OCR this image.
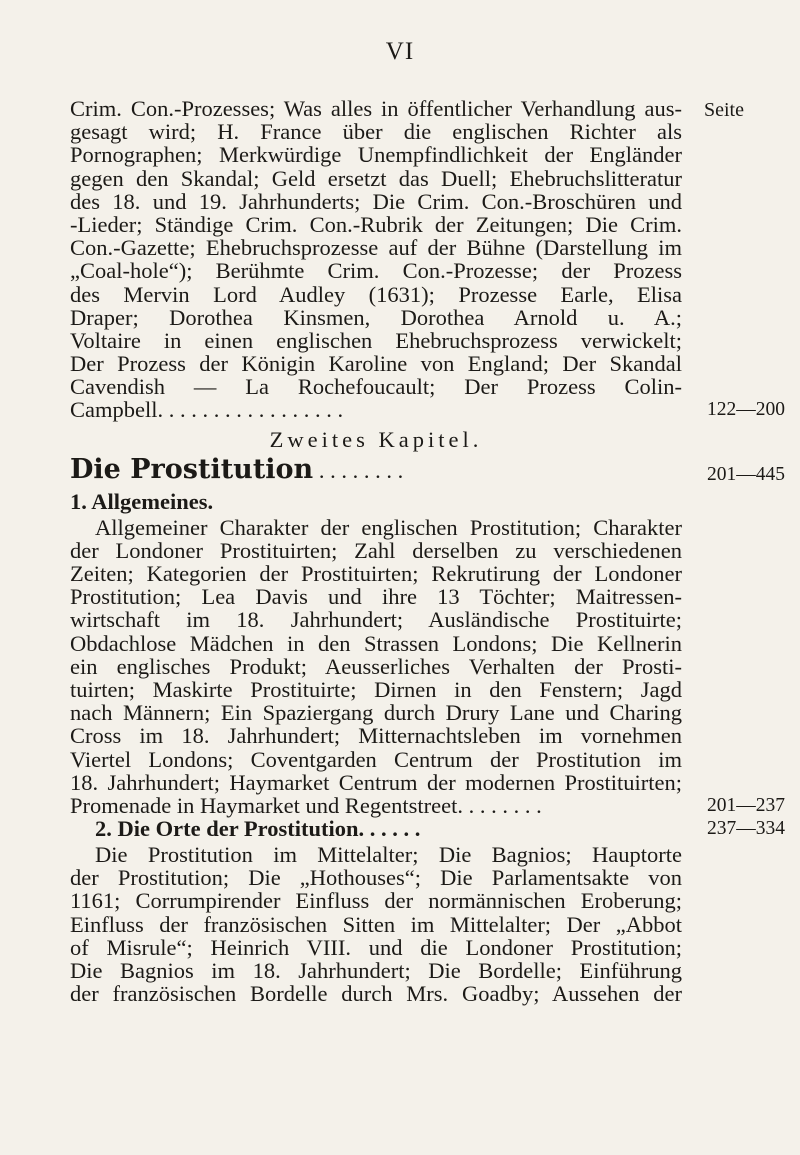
VI
Seite
Crim. Con.-Prozesses; Was alles in öffentlicher Verhandlung aus-
gesagt wird; H. France über die englischen Richter als
Pornographen; Merkwürdige Unempfindlichkeit der Engländer
gegen den Skandal; Geld ersetzt das Duell; Ehebruchslitteratur
des 18. und 19. Jahrhunderts; Die Crim. Con.-Broschüren und
-Lieder; Ständige Crim. Con.-Rubrik der Zeitungen; Die Crim.
Con.-Gazette; Ehebruchsprozesse auf der Bühne (Darstellung im
„Coal-hole“); Berühmte Crim. Con.-Prozesse; der Prozess
des Mervin Lord Audley (1631); Prozesse Earle, Elisa
Draper; Dorothea Kinsmen, Dorothea Arnold u. A.;
Voltaire in einen englischen Ehebruchsprozess verwickelt;
Der Prozess der Königin Karoline von England; Der Skandal
Cavendish — La Rochefoucault; Der Prozess Colin-
Campbell. . . . . . . . . . . . . . . . .	122—200
Zweites Kapitel.
Die Prostitution . . . . . . . .	201—445
1. Allgemeines.
Allgemeiner Charakter der englischen Prostitution; Charakter
der Londoner Prostituirten; Zahl derselben zu verschiedenen
Zeiten; Kategorien der Prostituirten; Rekrutirung der Londoner
Prostitution; Lea Davis und ihre 13 Töchter; Maitressen-
wirtschaft im 18. Jahrhundert; Ausländische Prostituirte;
Obdachlose Mädchen in den Strassen Londons; Die Kellnerin
ein englisches Produkt; Aeusserliches Verhalten der Prosti-
tuirten; Maskirte Prostituirte; Dirnen in den Fenstern; Jagd
nach Männern; Ein Spaziergang durch Drury Lane und Charing
Cross im 18. Jahrhundert; Mitternachtsleben im vornehmen
Viertel Londons; Coventgarden Centrum der Prostitution im
18. Jahrhundert; Haymarket Centrum der modernen Prostituirten;
Promenade in Haymarket und Regentstreet. . . . . . . .	201—237
2. Die Orte der Prostitution. . . . . .	237—334
Die Prostitution im Mittelalter; Die Bagnios; Hauptorte
der Prostitution; Die „Hothouses“; Die Parlamentsakte von
1161; Corrumpirender Einfluss der normännischen Eroberung;
Einfluss der französischen Sitten im Mittelalter; Der „Abbot
of Misrule“; Heinrich VIII. und die Londoner Prostitution;
Die Bagnios im 18. Jahrhundert; Die Bordelle; Einführung
der französischen Bordelle durch Mrs. Goadby; Aussehen der
